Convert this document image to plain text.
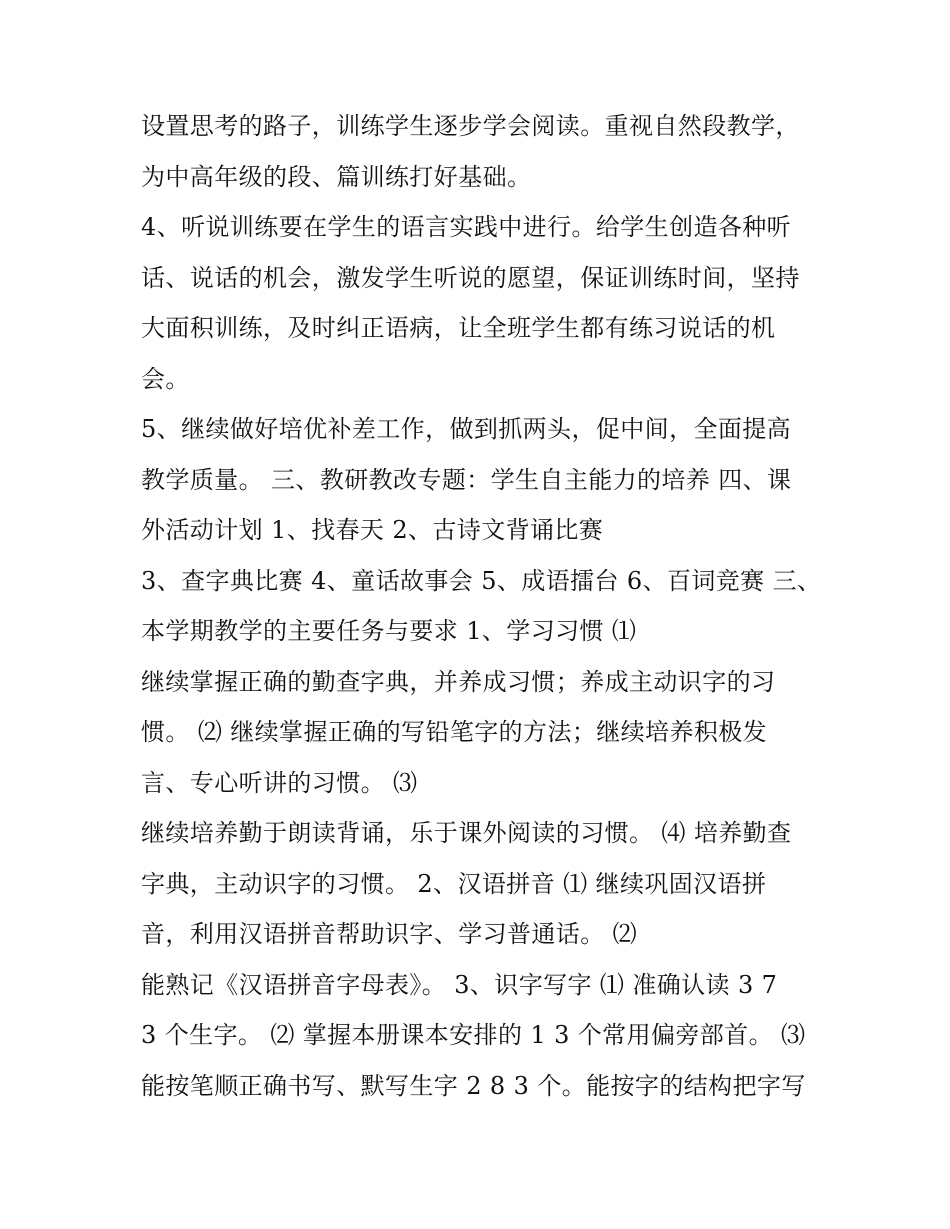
设置思考的路子，训练学生逐步学会阅读。重视自然段教学，
为中高年级的段、篇训练打好基础。
4、听说训练要在学生的语言实践中进行。给学生创造各种听
话、说话的机会，激发学生听说的愿望，保证训练时间，坚持
大面积训练，及时纠正语病，让全班学生都有练习说话的机
会。
5、继续做好培优补差工作，做到抓两头，促中间，全面提高
教学质量。 三、教研教改专题：学生自主能力的培养 四、课
外活动计划 1、找春天 2、古诗文背诵比赛
3、查字典比赛 4、童话故事会 5、成语擂台 6、百词竞赛 三、
本学期教学的主要任务与要求 1、学习习惯 ⑴
继续掌握正确的勤查字典，并养成习惯；养成主动识字的习
惯。 ⑵ 继续掌握正确的写铅笔字的方法；继续培养积极发
言、专心听讲的习惯。 ⑶
继续培养勤于朗读背诵，乐于课外阅读的习惯。 ⑷ 培养勤查
字典，主动识字的习惯。 2、汉语拼音 ⑴ 继续巩固汉语拼
音，利用汉语拼音帮助识字、学习普通话。 ⑵
能熟记《汉语拼音字母表》。 3、识字写字 ⑴ 准确认读 3 7
3 个生字。 ⑵ 掌握本册课本安排的 1 3 个常用偏旁部首。 ⑶
能按笔顺正确书写、默写生字 2 8 3 个。能按字的结构把字写
